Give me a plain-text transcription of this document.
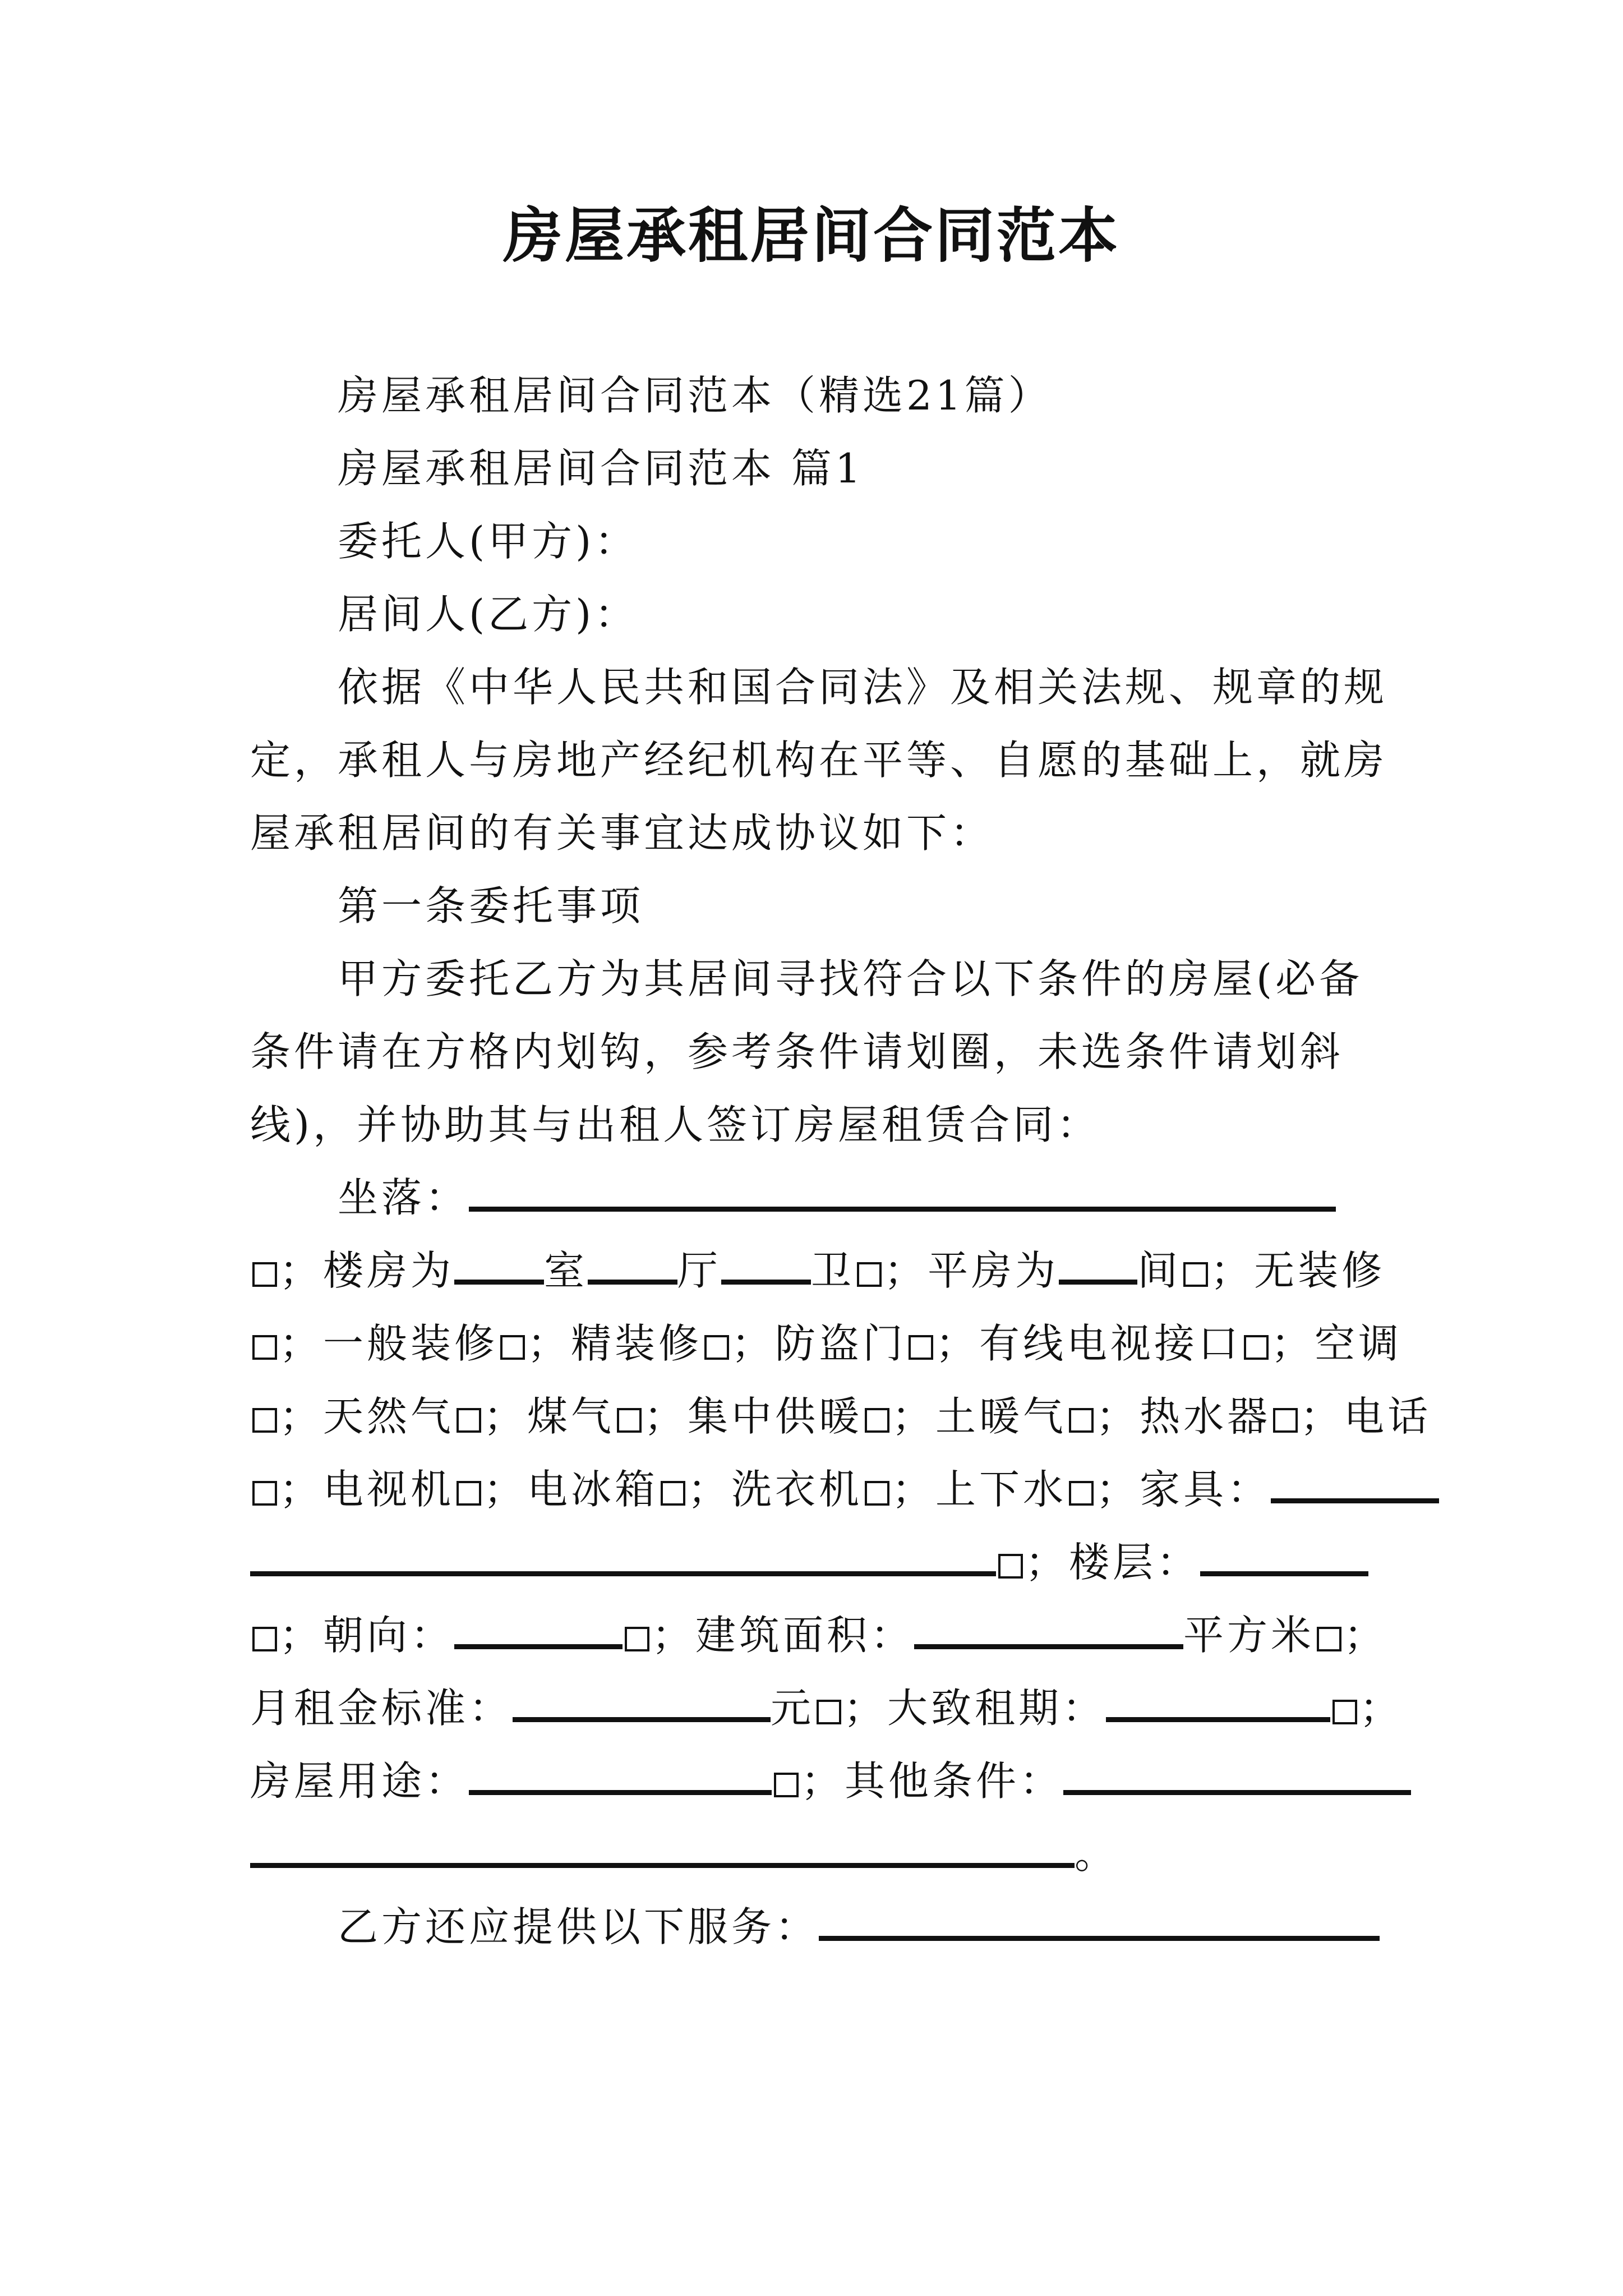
房屋承租居间合同范本
房屋承租居间合同范本（精选21篇）
房屋承租居间合同范本 篇1
委托人(甲方)：
居间人(乙方)：
依据《中华人民共和国合同法》及相关法规、规章的规
定，承租人与房地产经纪机构在平等、自愿的基础上，就房
屋承租居间的有关事宜达成协议如下：
第一条委托事项
甲方委托乙方为其居间寻找符合以下条件的房屋(必备
条件请在方格内划钩，参考条件请划圈，未选条件请划斜
线)，并协助其与出租人签订房屋租赁合同：
坐落：
；楼房为 室 厅 卫 ；平房为 间 ；无装修
；一般装修 ；精装修 ；防盗门 ；有线电视接口 ；空调
；天然气 ；煤气 ；集中供暖 ；土暖气 ；热水器 ；电话
；电视机 ；电冰箱 ；洗衣机 ；上下水 ；家具：
；楼层：
；朝向：	；建筑面积：	平方米 ；
月租金标准：	元 ；大致租期：	；
房屋用途：	；其他条件：
。
乙方还应提供以下服务：
